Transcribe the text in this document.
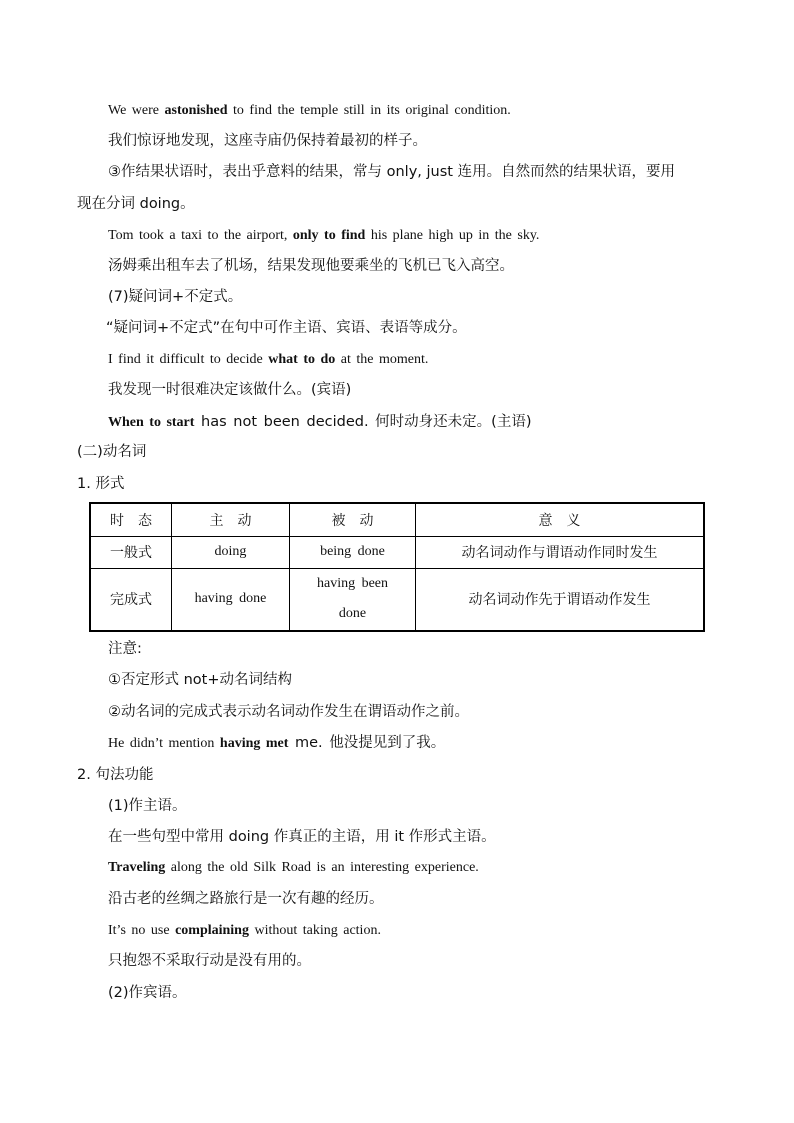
We were astonished to find the temple still in its original condition.
我们惊讶地发现，这座寺庙仍保持着最初的样子。
③作结果状语时，表出乎意料的结果，常与 only, just 连用。自然而然的结果状语，要用
现在分词 doing。
Tom took a taxi to the airport, only to find his plane high up in the sky.
汤姆乘出租车去了机场，结果发现他要乘坐的飞机已飞入高空。
(7)疑问词+不定式。
“疑问词+不定式”在句中可作主语、宾语、表语等成分。
I find it difficult to decide what to do at the moment.
我发现一时很难决定该做什么。(宾语)
When to start has not been decided. 何时动身还未定。(主语)
(二)动名词
1. 形式
时　态	主　动	被　动	意　义
一般式	doing	being done	动名词动作与谓语动作同时发生
完成式	having done	having been done	动名词动作先于谓语动作发生
注意:
①否定形式 not+动名词结构
②动名词的完成式表示动名词动作发生在谓语动作之前。
He didn’t mention having met me. 他没提见到了我。
2. 句法功能
(1)作主语。
在一些句型中常用 doing 作真正的主语，用 it 作形式主语。
Traveling along the old Silk Road is an interesting experience.
沿古老的丝绸之路旅行是一次有趣的经历。
It’s no use complaining without taking action.
只抱怨不采取行动是没有用的。
(2)作宾语。
